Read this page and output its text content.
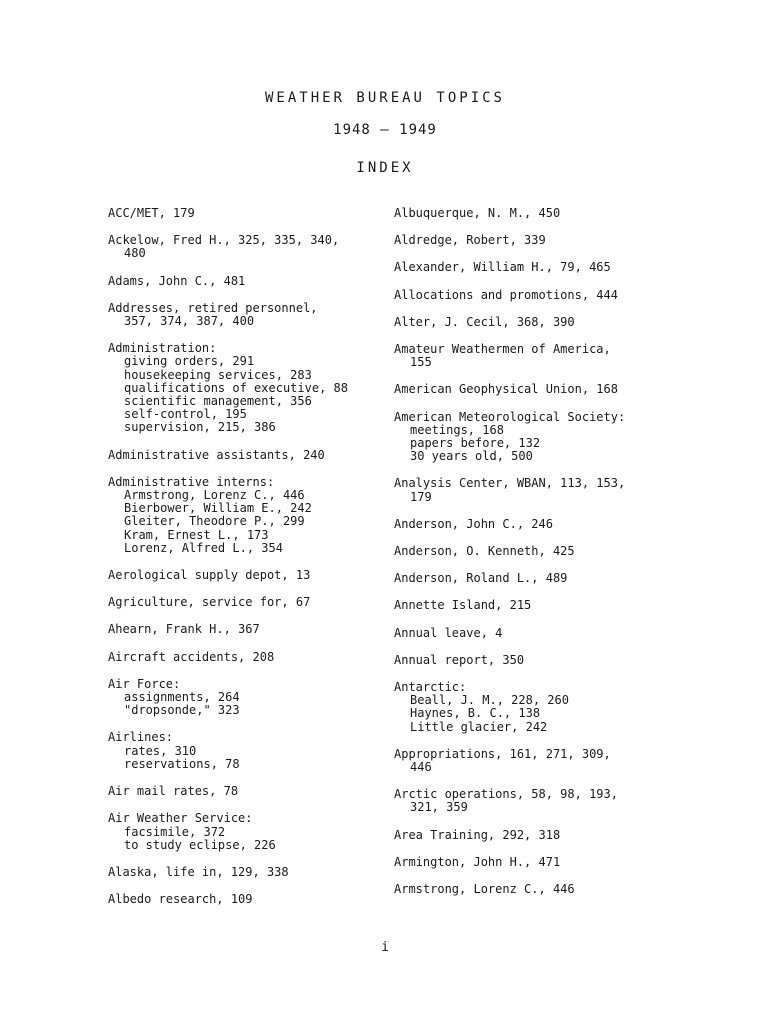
WEATHER BUREAU TOPICS
1948 — 1949
INDEX
ACC/MET, 179
Ackelow, Fred H., 325, 335, 340,
480
Adams, John C., 481
Addresses, retired personnel,
357, 374, 387, 400
Administration:
giving orders, 291
housekeeping services, 283
qualifications of executive, 88
scientific management, 356
self-control, 195
supervision, 215, 386
Administrative assistants, 240
Administrative interns:
Armstrong, Lorenz C., 446
Bierbower, William E., 242
Gleiter, Theodore P., 299
Kram, Ernest L., 173
Lorenz, Alfred L., 354
Aerological supply depot, 13
Agriculture, service for, 67
Ahearn, Frank H., 367
Aircraft accidents, 208
Air Force:
assignments, 264
"dropsonde," 323
Airlines:
rates, 310
reservations, 78
Air mail rates, 78
Air Weather Service:
facsimile, 372
to study eclipse, 226
Alaska, life in, 129, 338
Albedo research, 109
Albuquerque, N. M., 450
Aldredge, Robert, 339
Alexander, William H., 79, 465
Allocations and promotions, 444
Alter, J. Cecil, 368, 390
Amateur Weathermen of America,
155
American Geophysical Union, 168
American Meteorological Society:
meetings, 168
papers before, 132
30 years old, 500
Analysis Center, WBAN, 113, 153,
179
Anderson, John C., 246
Anderson, O. Kenneth, 425
Anderson, Roland L., 489
Annette Island, 215
Annual leave, 4
Annual report, 350
Antarctic:
Beall, J. M., 228, 260
Haynes, B. C., 138
Little glacier, 242
Appropriations, 161, 271, 309,
446
Arctic operations, 58, 98, 193,
321, 359
Area Training, 292, 318
Armington, John H., 471
Armstrong, Lorenz C., 446
i
